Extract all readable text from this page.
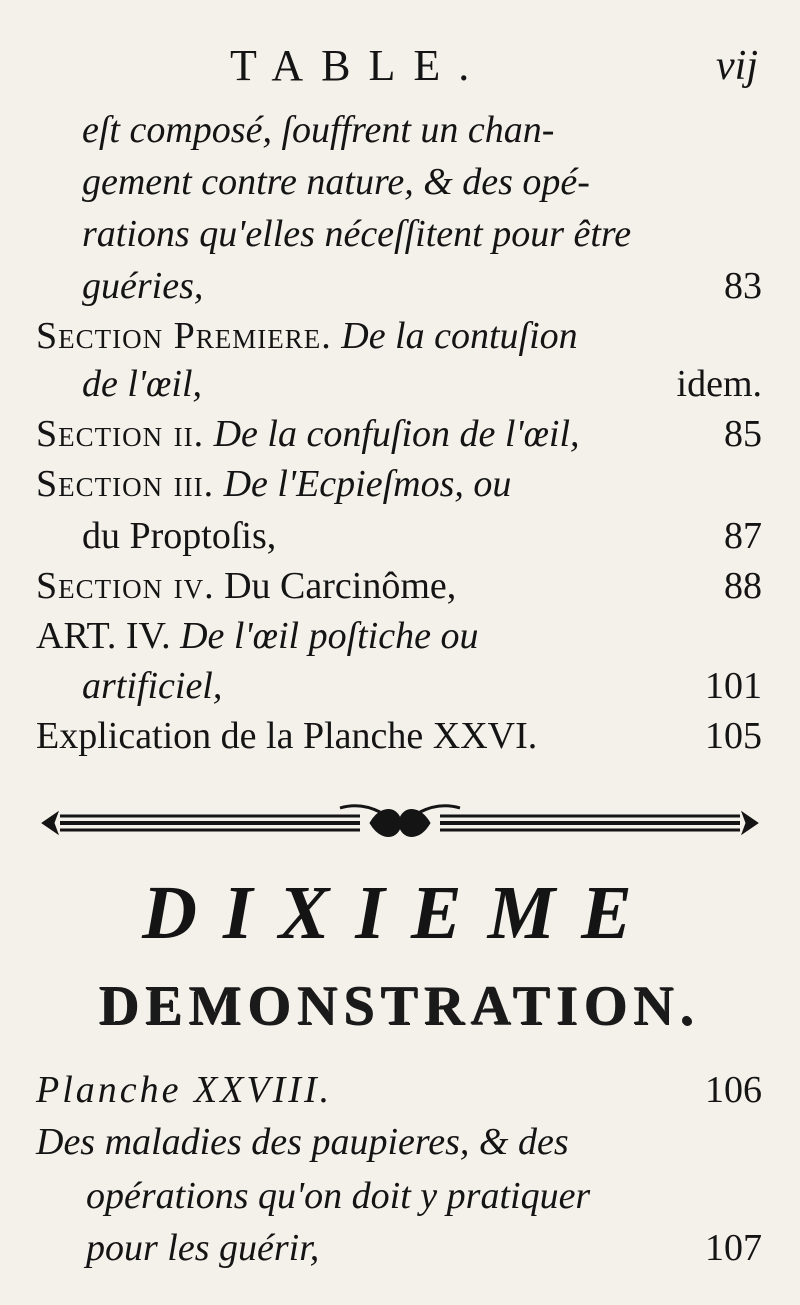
TABLE.	vij
eſt composé, ſouffrent un chan-
gement contre nature, & des opé-
rations qu'elles néceſſitent pour être
guéries,	83
Section Premiere. De la contuſion
de l'œil,	idem.
Section ii. De la confuſion de l'œil,	85
Section iii. De l'Ecpieſmos, ou
du Proptoſis,	87
Section iv. Du Carcinôme,	88
ART. IV. De l'œil poſtiche ou
artificiel,	101
Explication de la Planche XXVI.	105
DIXIEME
DEMONSTRATION.
Planche XXVIII.	106
Des maladies des paupieres, & des
opérations qu'on doit y pratiquer
pour les guérir,	107
